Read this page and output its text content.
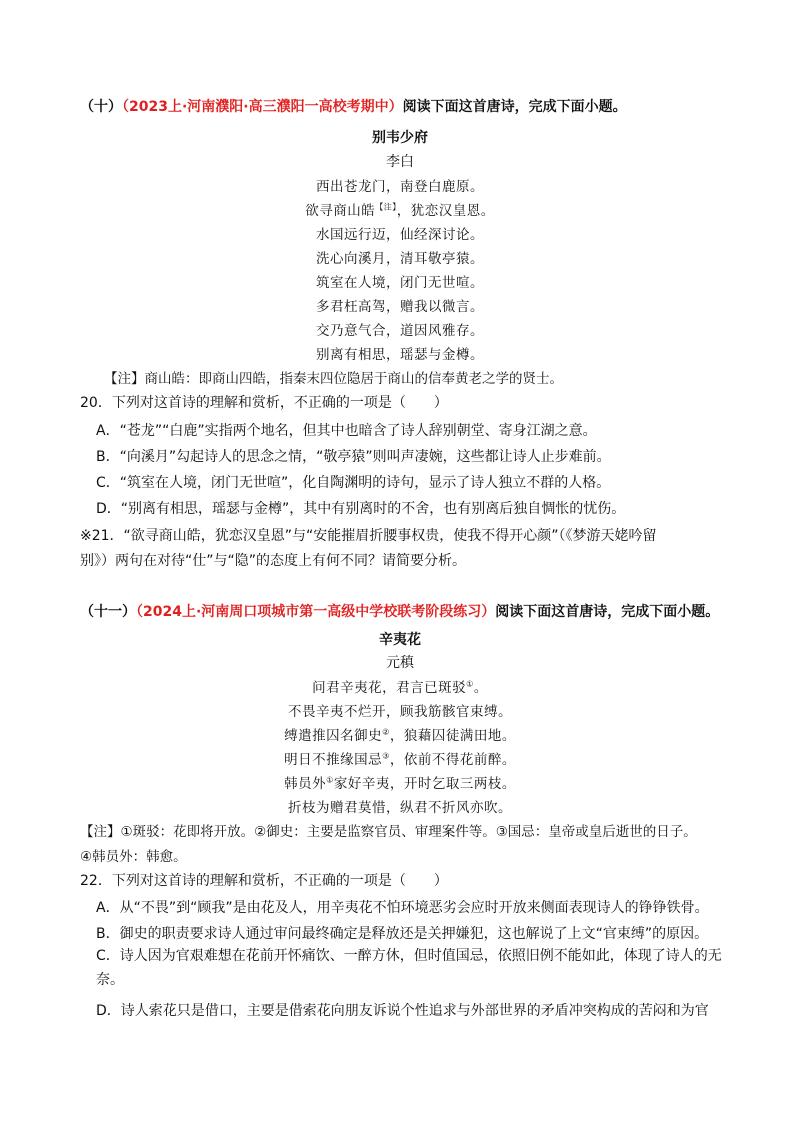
（十）（2023上·河南濮阳·高三濮阳一高校考期中）阅读下面这首唐诗，完成下面小题。
别韦少府
李白
西出苍龙门，南登白鹿原。
欲寻商山皓$^{【注】}$，犹恋汉皇恩。
水国远行迈，仙经深讨论。
洗心向溪月，清耳敬亭猿。
筑室在人境，闭门无世喧。
多君枉高驾，赠我以微言。
交乃意气合，道因风雅存。
别离有相思，瑶瑟与金樽。
【注】商山皓：即商山四皓，指秦末四位隐居于商山的信奉黄老之学的贤士。
20．下列对这首诗的理解和赏析，不正确的一项是（　　）
A．“苍龙”“白鹿”实指两个地名，但其中也暗含了诗人辞别朝堂、寄身江湖之意。
B．“向溪月”勾起诗人的思念之情，“敬亭猿”则叫声凄婉，这些都让诗人止步难前。
C．“筑室在人境，闭门无世喧”，化自陶渊明的诗句，显示了诗人独立不群的人格。
D．“别离有相思，瑶瑟与金樽”，其中有别离时的不舍，也有别离后独自惆怅的忧伤。
※21．“欲寻商山皓，犹恋汉皇恩”与“安能摧眉折腰事权贵，使我不得开心颜”（《梦游天姥吟留
别》）两句在对待“仕”与“隐”的态度上有何不同？请简要分析。
（十一）（2024上·河南周口项城市第一高级中学校联考阶段练习）阅读下面这首唐诗，完成下面小题。
辛夷花
元稹
问君辛夷花，君言已斑驳①。
不畏辛夷不烂开，顾我筋骸官束缚。
缚遣推囚名御史②，狼藉囚徒满田地。
明日不推缘国忌③，依前不得花前醉。
韩员外①家好辛夷，开时乞取三两枝。
折枝为赠君莫惜，纵君不折风亦吹。
【注】①斑驳：花即将开放。②御史：主要是监察官员、审理案件等。③国忌：皇帝或皇后逝世的日子。
④韩员外：韩愈。
22．下列对这首诗的理解和赏析，不正确的一项是（　　）
A．从“不畏”到“顾我”是由花及人，用辛夷花不怕环境恶劣会应时开放来侧面表现诗人的铮铮铁骨。
B．御史的职责要求诗人通过审问最终确定是释放还是关押嫌犯，这也解说了上文“官束缚”的原因。
C．诗人因为官艰难想在花前开怀痛饮、一醉方休，但时值国忌，依照旧例不能如此，体现了诗人的无奈。
D．诗人索花只是借口，主要是借索花向朋友诉说个性追求与外部世界的矛盾冲突构成的苦闷和为官
